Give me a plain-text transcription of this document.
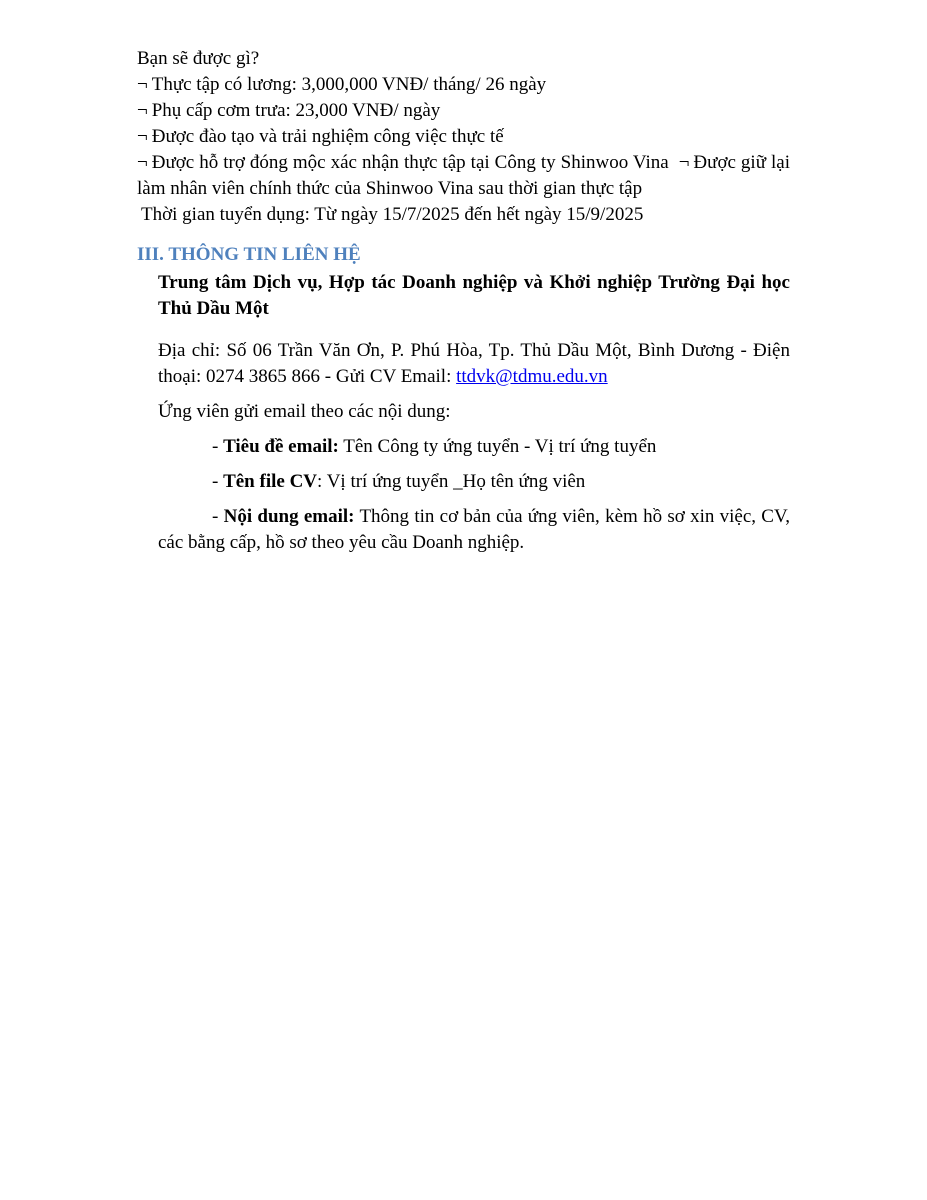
Bạn sẽ được gì?
¬ Thực tập có lương: 3,000,000 VNĐ/ tháng/ 26 ngày
¬ Phụ cấp cơm trưa: 23,000 VNĐ/ ngày
¬ Được đào tạo và trải nghiệm công việc thực tế
¬ Được hỗ trợ đóng mộc xác nhận thực tập tại Công ty Shinwoo Vina ¬ Được giữ lại làm nhân viên chính thức của Shinwoo Vina sau thời gian thực tập
Thời gian tuyển dụng: Từ ngày 15/7/2025 đến hết ngày 15/9/2025
III. THÔNG TIN LIÊN HỆ
Trung tâm Dịch vụ, Hợp tác Doanh nghiệp và Khởi nghiệp Trường Đại học Thủ Dầu Một
Địa chỉ: Số 06 Trần Văn Ơn, P. Phú Hòa, Tp. Thủ Dầu Một, Bình Dương - Điện thoại: 0274 3865 866 - Gửi CV Email: ttdvk@tdmu.edu.vn
Ứng viên gửi email theo các nội dung:
- Tiêu đề email: Tên Công ty ứng tuyển - Vị trí ứng tuyển
- Tên file CV: Vị trí ứng tuyển _Họ tên ứng viên
- Nội dung email: Thông tin cơ bản của ứng viên, kèm hồ sơ xin việc, CV, các bằng cấp, hồ sơ theo yêu cầu Doanh nghiệp.
